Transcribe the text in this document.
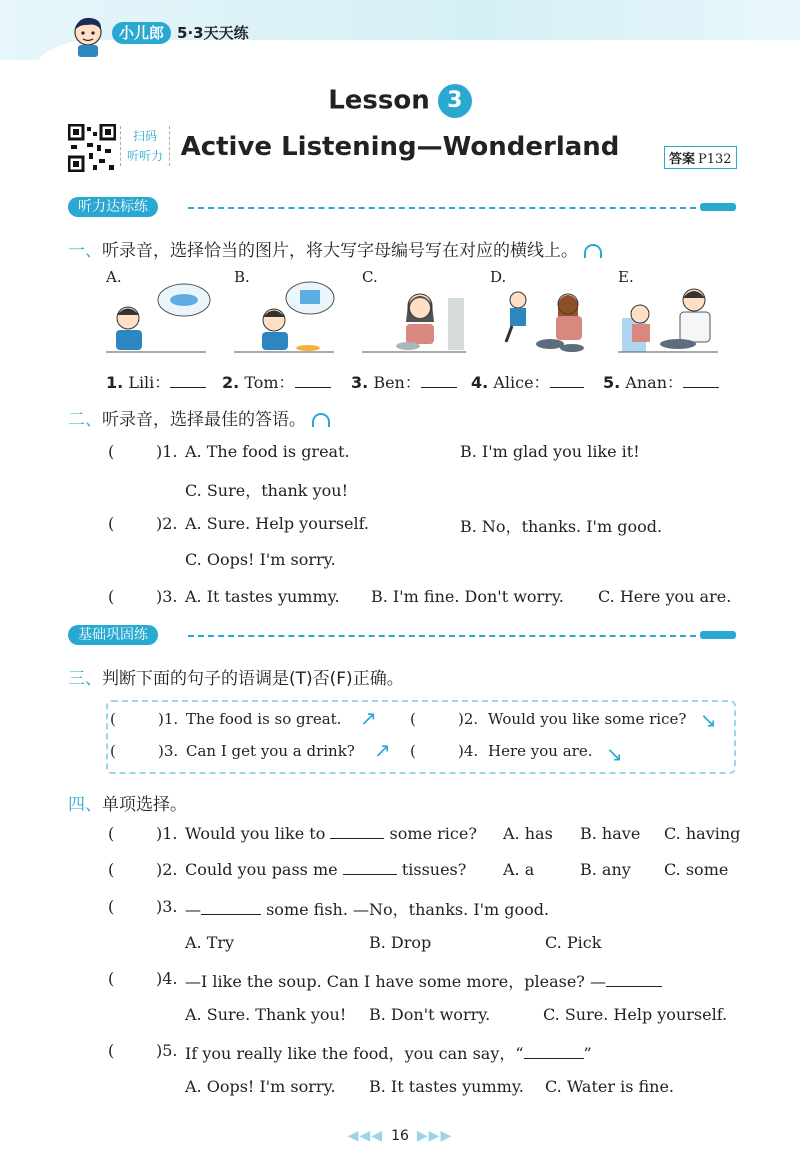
小儿郎 5·3天天练
Lesson 3
扫码
听听力 Active Listening—Wonderland	答案 P132
听力达标练
一、听录音，选择恰当的图片，将大写字母编号写在对应的横线上。
A.	B.	C.	D.	E.
1. Lili：	2. Tom：	3. Ben：	4. Alice：	5. Anan：
二、听录音，选择最佳的答语。
(	)1. A. The food is great.	B. I'm glad you like it!
C. Sure，thank you!
(	)2. A. Sure. Help yourself.	B. No，thanks. I'm good.
C. Oops! I'm sorry.
(	)3. A. It tastes yummy. B. I'm fine. Don't worry. C. Here you are.
基础巩固练
三、判断下面的句子的语调是(T)否(F)正确。
(	)1. The food is so great. ↗ (	)2. Would you like some rice? ↘
(	)3. Can I get you a drink? ↗ (	)4. Here you are. ↘
四、单项选择。
(	)1. Would you like to	some rice? A. has B. have C. having
(	)2. Could you pass me	tissues? A. a	B. any C. some
(	)3. —	some fish. —No，thanks. I'm good.
A. Try	B. Drop	C. Pick
(	)4. —I like the soup. Can I have some more，please? —
A. Sure. Thank you! B. Don't worry.	C. Sure. Help yourself.
(	)5. If you really like the food，you can say，“	”
A. Oops! I'm sorry. B. It tastes yummy. C. Water is fine.
◀◀◀ 16 ▶▶▶
